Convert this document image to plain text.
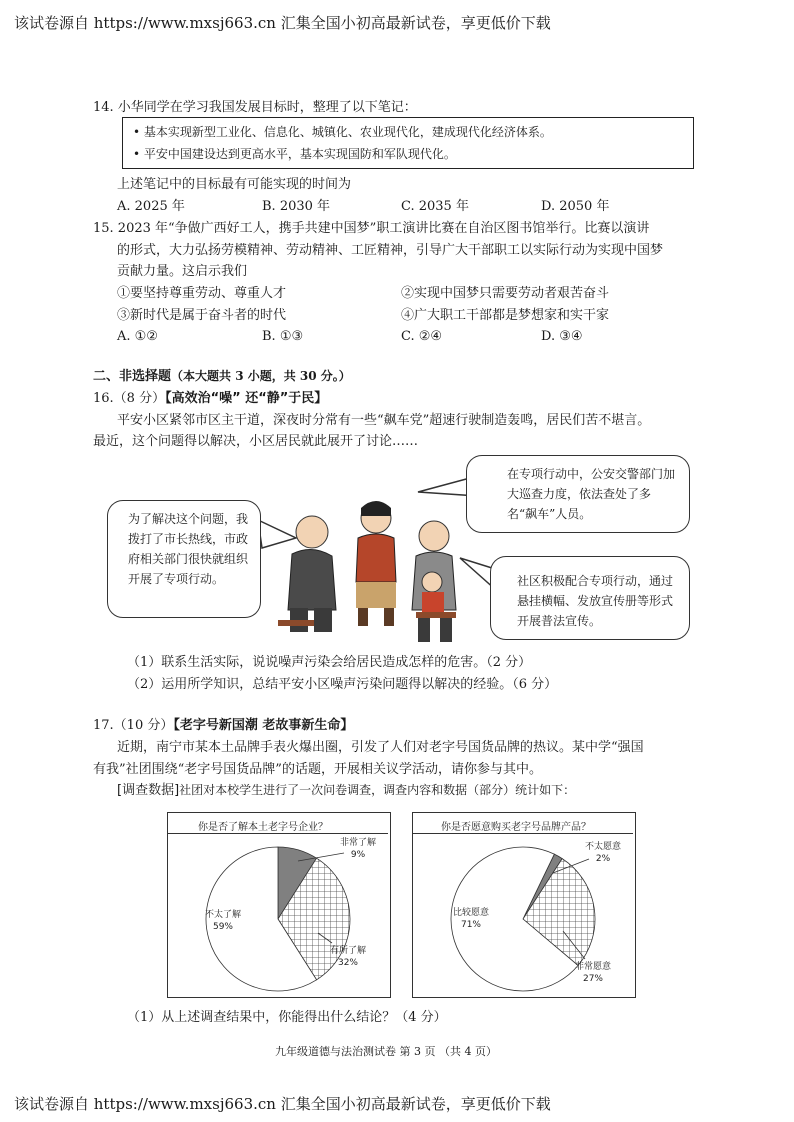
该试卷源自 https://www.mxsj663.cn 汇集全国小初高最新试卷，享更低价下载
14. 小华同学在学习我国发展目标时，整理了以下笔记：
• 基本实现新型工业化、信息化、城镇化、农业现代化，建成现代化经济体系。
• 平安中国建设达到更高水平，基本实现国防和军队现代化。
上述笔记中的目标最有可能实现的时间为
A. 2025 年	B. 2030 年	C. 2035 年	D. 2050 年
15. 2023 年“争做广西好工人，携手共建中国梦”职工演讲比赛在自治区图书馆举行。比赛以演讲
的形式，大力弘扬劳模精神、劳动精神、工匠精神，引导广大干部职工以实际行动为实现中国梦
贡献力量。这启示我们
①要坚持尊重劳动、尊重人才	②实现中国梦只需要劳动者艰苦奋斗
③新时代是属于奋斗者的时代	④广大职工干部都是梦想家和实干家
A. ①②	B. ①③	C. ②④	D. ③④
二、非选择题（本大题共 3 小题，共 30 分。）
16.（8 分）【高效治“噪” 还“静”于民】
平安小区紧邻市区主干道，深夜时分常有一些“飙车党”超速行驶制造轰鸣，居民们苦不堪言。
最近，这个问题得以解决，小区居民就此展开了讨论……
在专项行动中，公安交警部门加大巡查力度，依法查处了多名“飙车”人员。
为了解决这个问题，我拨打了市长热线，市政府相关部门很快就组织开展了专项行动。	社区积极配合专项行动，通过悬挂横幅、发放宣传册等形式开展普法宣传。
（1）联系生活实际，说说噪声污染会给居民造成怎样的危害。（2 分）
（2）运用所学知识，总结平安小区噪声污染问题得以解决的经验。（6 分）
17.（10 分）【老字号新国潮 老故事新生命】
近期，南宁市某本土品牌手表火爆出圈，引发了人们对老字号国货品牌的热议。某中学“强国
有我”社团围绕“老字号国货品牌”的话题，开展相关议学活动，请你参与其中。
[调查数据]社团对本校学生进行了一次问卷调查，调查内容和数据（部分）统计如下：
你是否了解本土老字号企业？
非常了解
9%
有所了解
32%
不太了解
59%
你是否愿意购买老字号品牌产品？
不太愿意
2%
非常愿意
27%
比较愿意
71%
（1）从上述调查结果中，你能得出什么结论？（4 分）
九年级道德与法治测试卷 第 3 页 （共 4 页）
该试卷源自 https://www.mxsj663.cn 汇集全国小初高最新试卷，享更低价下载
